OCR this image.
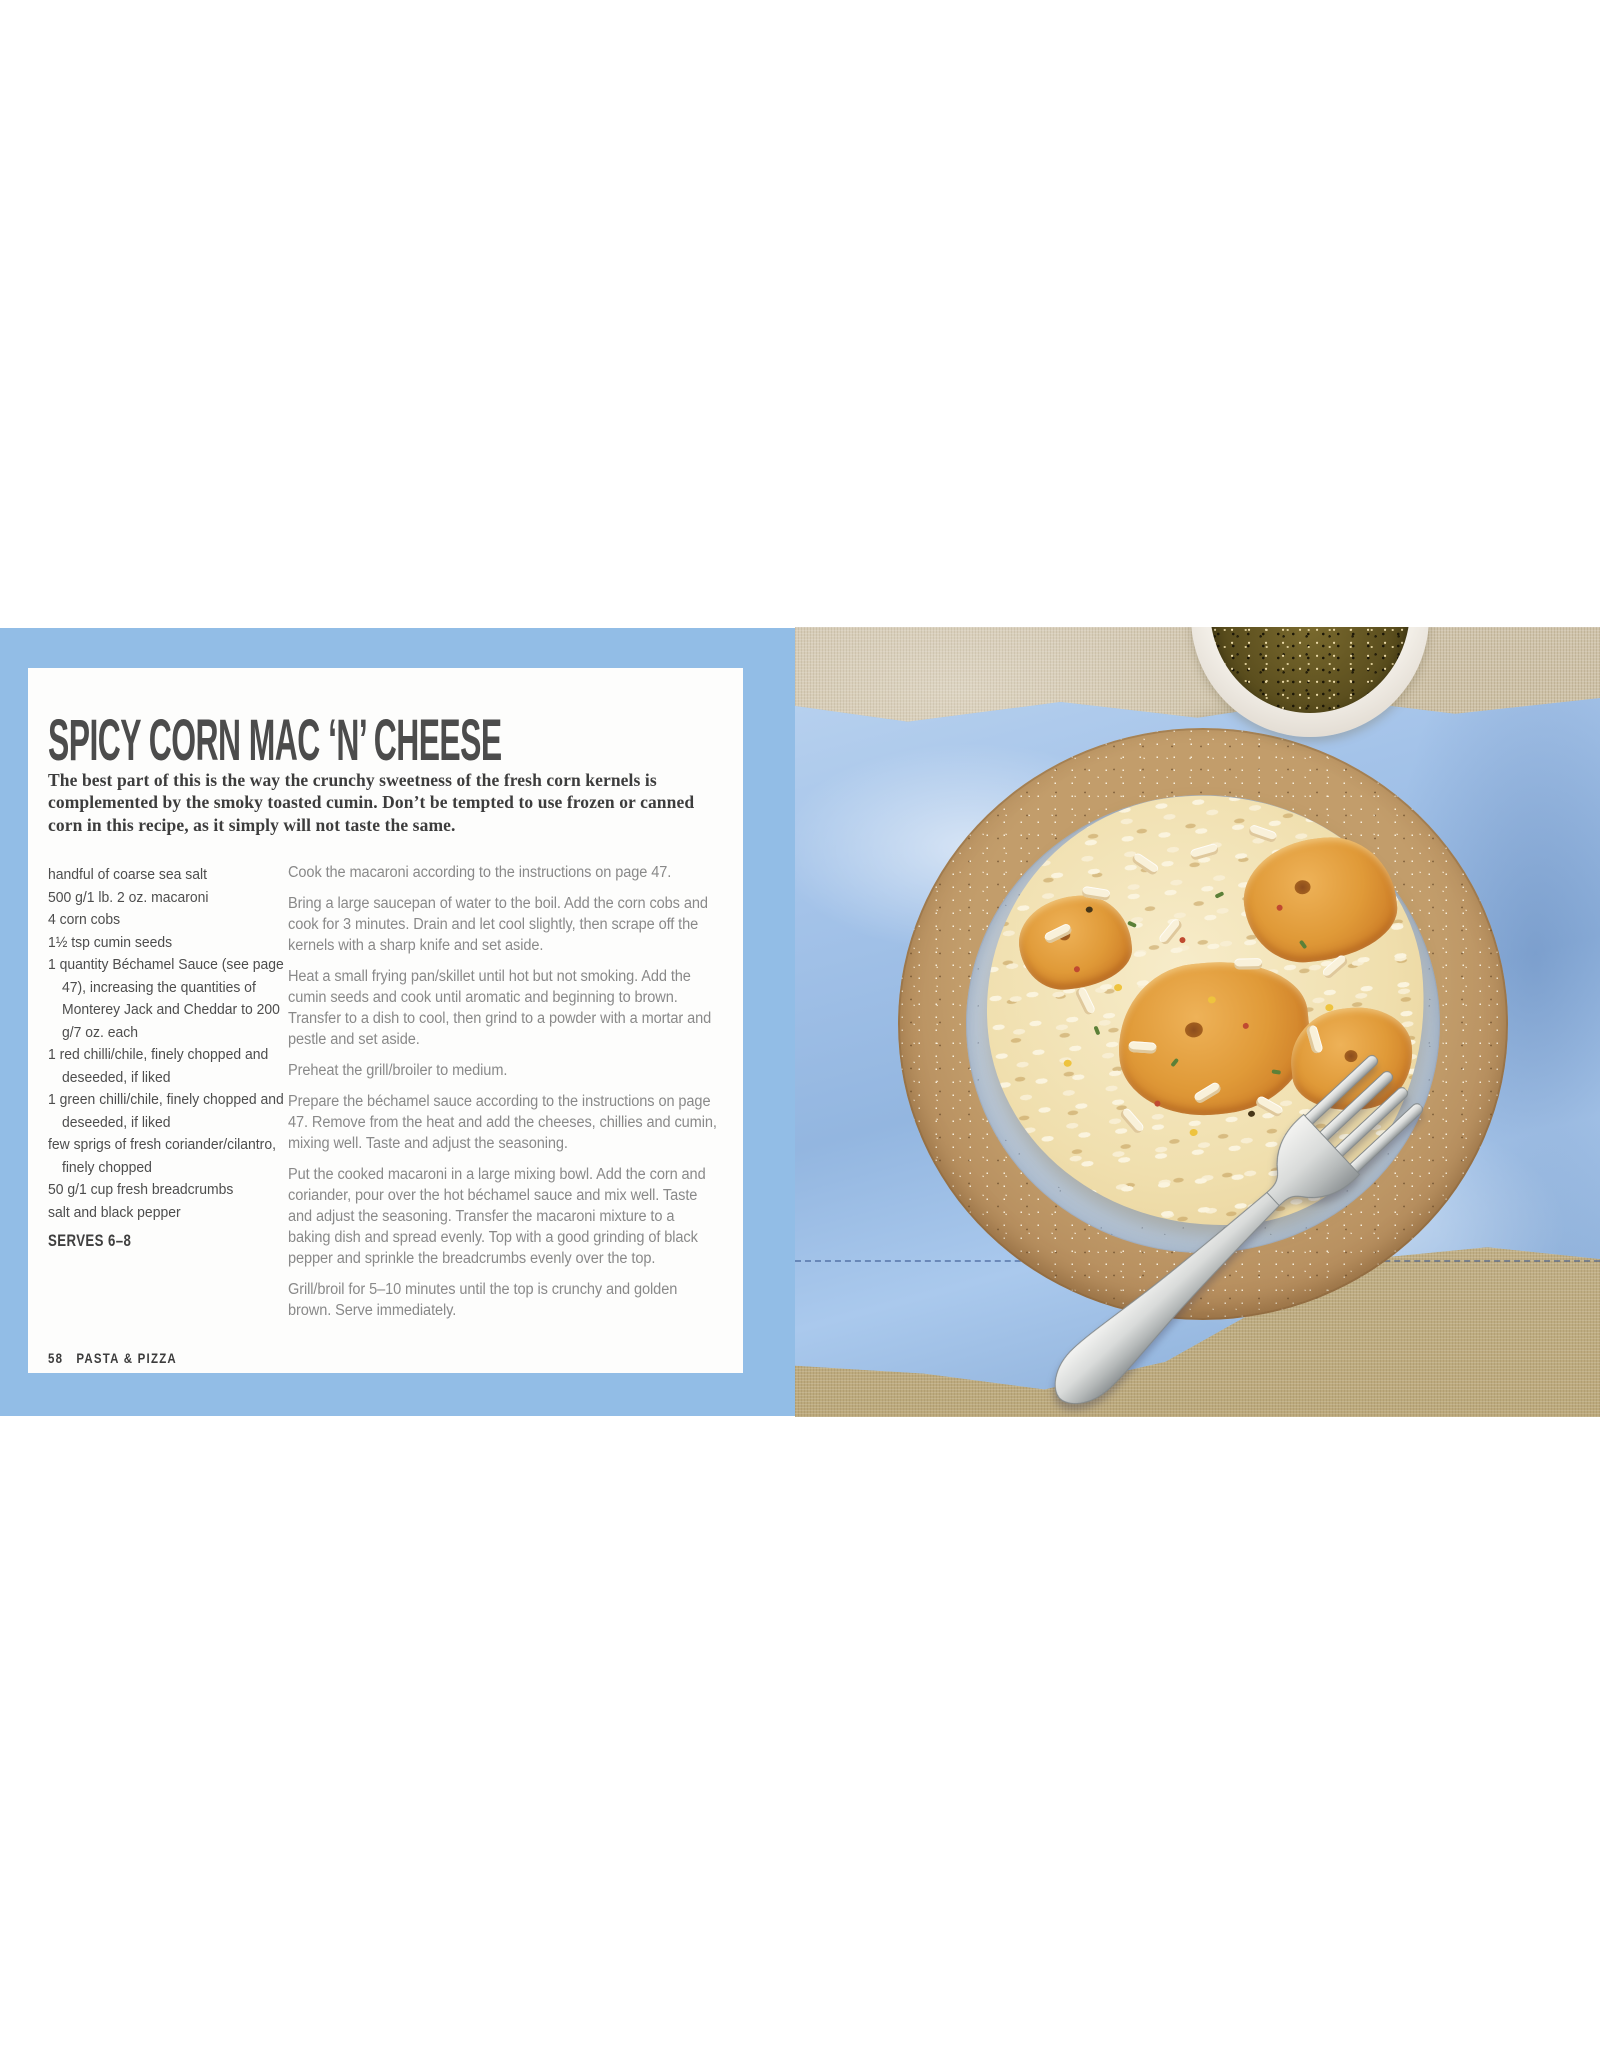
SPICY CORN MAC ‘N’ CHEESE

The best part of this is the way the crunchy sweetness of the fresh corn kernels is complemented by the smoky toasted cumin. Don’t be tempted to use frozen or canned corn in this recipe, as it simply will not taste the same.

handful of coarse sea salt
500 g/1 lb. 2 oz. macaroni
4 corn cobs
1½ tsp cumin seeds
1 quantity Béchamel Sauce (see page 47), increasing the quantities of Monterey Jack and Cheddar to 200 g/7 oz. each
1 red chilli/chile, finely chopped and deseeded, if liked
1 green chilli/chile, finely chopped and deseeded, if liked
few sprigs of fresh coriander/cilantro, finely chopped
50 g/1 cup fresh breadcrumbs
salt and black pepper
SERVES 6–8

Cook the macaroni according to the instructions on page 47.

Bring a large saucepan of water to the boil. Add the corn cobs and cook for 3 minutes. Drain and let cool slightly, then scrape off the kernels with a sharp knife and set aside.

Heat a small frying pan/skillet until hot but not smoking. Add the cumin seeds and cook until aromatic and beginning to brown. Transfer to a dish to cool, then grind to a powder with a mortar and pestle and set aside.

Preheat the grill/broiler to medium.

Prepare the béchamel sauce according to the instructions on page 47. Remove from the heat and add the cheeses, chillies and cumin, mixing well. Taste and adjust the seasoning.

Put the cooked macaroni in a large mixing bowl. Add the corn and coriander, pour over the hot béchamel sauce and mix well. Taste and adjust the seasoning. Transfer the macaroni mixture to a baking dish and spread evenly. Top with a good grinding of black pepper and sprinkle the breadcrumbs evenly over the top.

Grill/broil for 5–10 minutes until the top is crunchy and golden brown. Serve immediately.

58 PASTA & PIZZA
